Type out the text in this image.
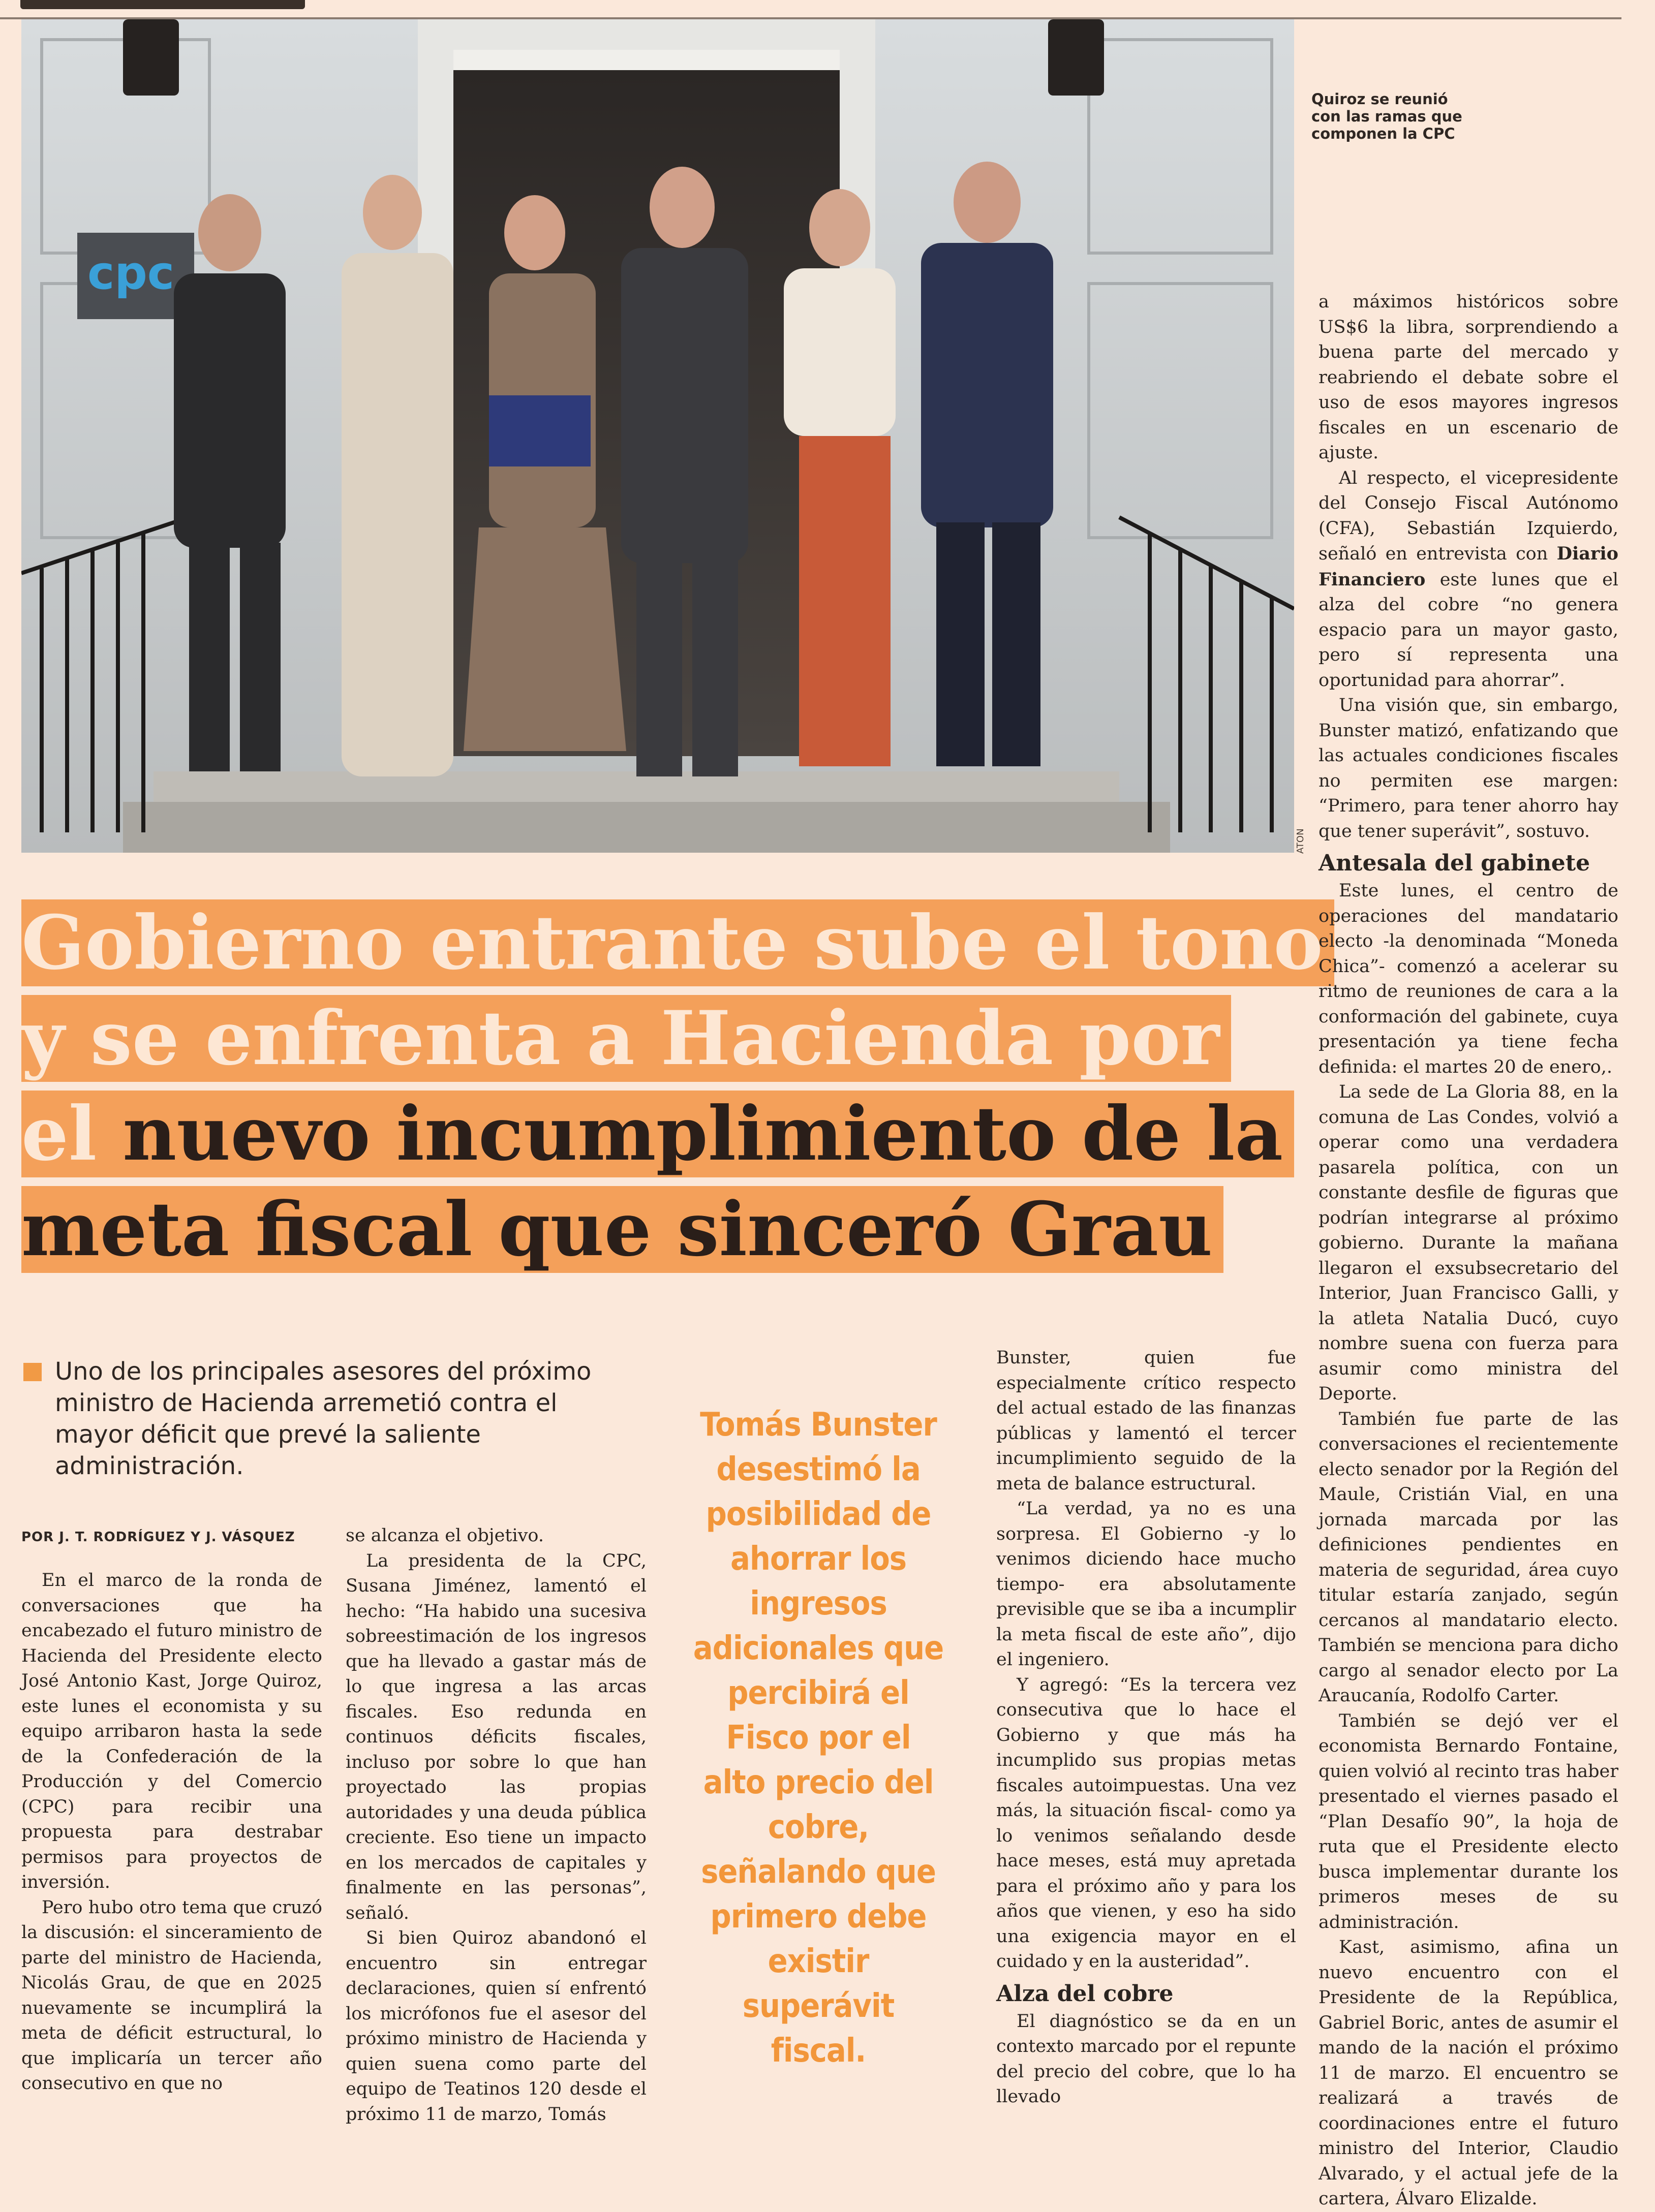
cpc
ATON
Quiroz se reunió con las ramas que componen la CPC
Gobierno entrante sube el tono
y se enfrenta a Hacienda por
el nuevo incumplimiento de la
meta fiscal que sinceró Grau
Uno de los principales asesores del próximo ministro de Hacienda arremetió contra el mayor déficit que prevé la saliente administración.
POR J. T. RODRÍGUEZ Y J. VÁSQUEZ
Tomás Bunster desestimó la posibilidad de ahorrar los ingresos adicionales que percibirá el Fisco por el alto precio del cobre, señalando que primero debe existir superávit fiscal.

En el marco de la ronda de conversaciones que ha encabezado el futuro ministro de Hacienda del Presidente electo José Antonio Kast, Jorge Quiroz, este lunes el economista y su equipo arribaron hasta la sede de la Confederación de la Producción y del Comercio (CPC) para recibir una propuesta para destrabar permisos para proyectos de inversión.

Pero hubo otro tema que cruzó la discusión: el sinceramiento de parte del ministro de Hacienda, Nicolás Grau, de que en 2025 nuevamente se incumplirá la meta de déficit estructural, lo que implicaría un tercer año consecutivo en que no

se alcanza el objetivo.

La presidenta de la CPC, Susana Jiménez, lamentó el hecho: “Ha habido una sucesiva sobreestimación de los ingresos que ha llevado a gastar más de lo que ingresa a las arcas fiscales. Eso redunda en continuos déficits fiscales, incluso por sobre lo que han proyectado las propias autoridades y una deuda pública creciente. Eso tiene un impacto en los mercados de capitales y finalmente en las personas”, señaló.

Si bien Quiroz abandonó el encuentro sin entregar declaraciones, quien sí enfrentó los micrófonos fue el asesor del próximo ministro de Hacienda y quien suena como parte del equipo de Teatinos 120 desde el próximo 11 de marzo, Tomás

Bunster, quien fue especialmente crítico respecto del actual estado de las finanzas públicas y lamentó el tercer incumplimiento seguido de la meta de balance estructural.

“La verdad, ya no es una sorpresa. El Gobierno -y lo venimos diciendo hace mucho tiempo- era absolutamente previsible que se iba a incumplir la meta fiscal de este año”, dijo el ingeniero.

Y agregó: “Es la tercera vez consecutiva que lo hace el Gobierno y que más ha incumplido sus propias metas fiscales autoimpuestas. Una vez más, la situación fiscal- como ya lo venimos señalando desde hace meses, está muy apretada para el próximo año y para los años que vienen, y eso ha sido una exigencia mayor en el cuidado y en la austeridad”.

Alza del cobre

El diagnóstico se da en un contexto marcado por el repunte del precio del cobre, que lo ha llevado

a máximos históricos sobre US$6 la libra, sorprendiendo a buena parte del mercado y reabriendo el debate sobre el uso de esos mayores ingresos fiscales en un escenario de ajuste.

Al respecto, el vicepresidente del Consejo Fiscal Autónomo (CFA), Sebastián Izquierdo, señaló en entrevista con Diario Financiero este lunes que el alza del cobre “no genera espacio para un mayor gasto, pero sí representa una oportunidad para ahorrar”.

Una visión que, sin embargo, Bunster matizó, enfatizando que las actuales condiciones fiscales no permiten ese margen: “Primero, para tener ahorro hay que tener superávit”, sostuvo.

Antesala del gabinete

Este lunes, el centro de operaciones del mandatario electo -la denominada “Moneda Chica”- comenzó a acelerar su ritmo de reuniones de cara a la conformación del gabinete, cuya presentación ya tiene fecha definida: el martes 20 de enero,.

La sede de La Gloria 88, en la comuna de Las Condes, volvió a operar como una verdadera pasarela política, con un constante desfile de figuras que podrían integrarse al próximo gobierno. Durante la mañana llegaron el exsubsecretario del Interior, Juan Francisco Galli, y la atleta Natalia Ducó, cuyo nombre suena con fuerza para asumir como ministra del Deporte.

También fue parte de las conversaciones el recientemente electo senador por la Región del Maule, Cristián Vial, en una jornada marcada por las definiciones pendientes en materia de seguridad, área cuyo titular estaría zanjado, según cercanos al mandatario electo. También se menciona para dicho cargo al senador electo por La Araucanía, Rodolfo Carter.

También se dejó ver el economista Bernardo Fontaine, quien volvió al recinto tras haber presentado el viernes pasado el “Plan Desafío 90”, la hoja de ruta que el Presidente electo busca implementar durante los primeros meses de su administración.

Kast, asimismo, afina un nuevo encuentro con el Presidente de la República, Gabriel Boric, antes de asumir el mando de la nación el próximo 11 de marzo. El encuentro se realizará a través de coordinaciones entre el futuro ministro del Interior, Claudio Alvarado, y el actual jefe de la cartera, Álvaro Elizalde.
